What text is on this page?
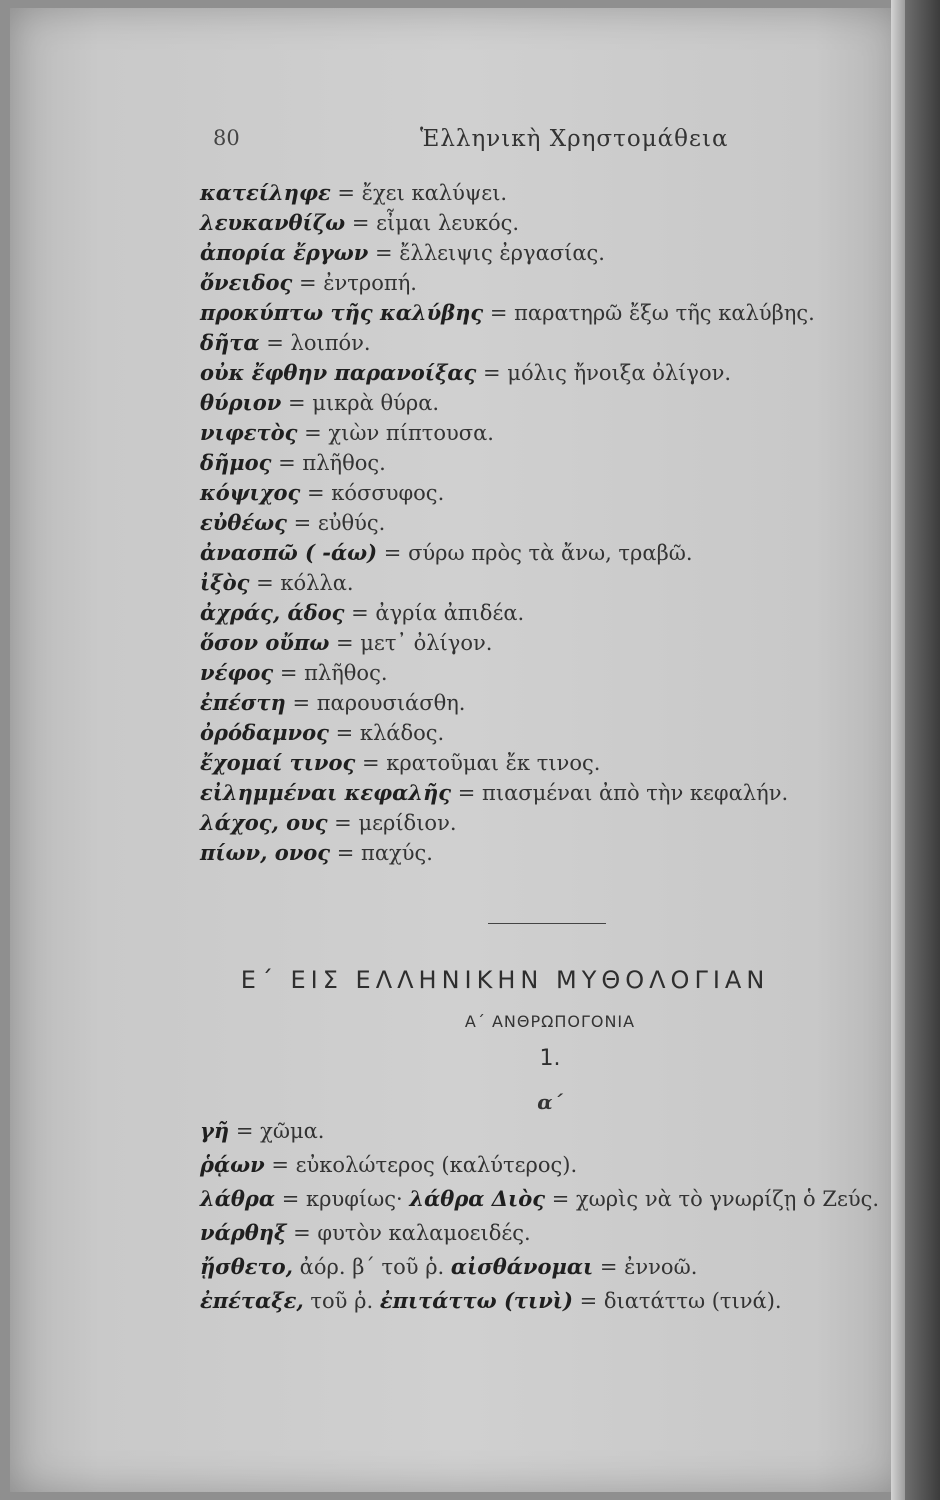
80	Ἑλληνικὴ Χρηστομάθεια
κατείληφε = ἔχει καλύψει.
λευκανθίζω = εἶμαι λευκός.
ἀπορία ἔργων = ἔλλειψις ἐργασίας.
ὄνειδος = ἐντροπή.
προκύπτω τῆς καλύβης = παρατηρῶ ἔξω τῆς καλύβης.
δῆτα = λοιπόν.
οὐκ ἔφθην παρανοίξας = μόλις ἤνοιξα ὀλίγον.
θύριον = μικρὰ θύρα.
νιφετὸς = χιὼν πίπτουσα.
δῆμος = πλῆθος.
κόψιχος = κόσσυφος.
εὐθέως = εὐθύς.
ἀνασπῶ ( -άω) = σύρω πρὸς τὰ ἄνω, τραβῶ.
ἰξὸς = κόλλα.
ἀχράς, άδος = ἀγρία ἀπιδέα.
ὅσον οὔπω = μετ᾽ ὀλίγον.
νέφος = πλῆθος.
ἐπέστη = παρουσιάσθη.
ὀρόδαμνος = κλάδος.
ἔχομαί τινος = κρατοῦμαι ἔκ τινος.
εἰλημμέναι κεφαλῆς = πιασμέναι ἀπὸ τὴν κεφαλήν.
λάχος, ους = μερίδιον.
πίων, ονος = παχύς.
Ε΄ ΕΙΣ ΕΛΛΗΝΙΚΗΝ ΜΥΘΟΛΟΓΙΑΝ
Α΄ ΑΝΘΡΩΠΟΓΟΝΙΑ
1.
α΄
γῆ = χῶμα.
ῥᾴων = εὐκολώτερος (καλύτερος).
λάθρα = κρυφίως· λάθρα Διὸς = χωρὶς νὰ τὸ γνωρίζῃ ὁ Ζεύς.
νάρθηξ = φυτὸν καλαμοειδές.
ᾔσθετο, ἀόρ. β΄ τοῦ ῥ. αἰσθάνομαι = ἐννοῶ.
ἐπέταξε, τοῦ ῥ. ἐπιτάττω (τινὶ) = διατάττω (τινά).
